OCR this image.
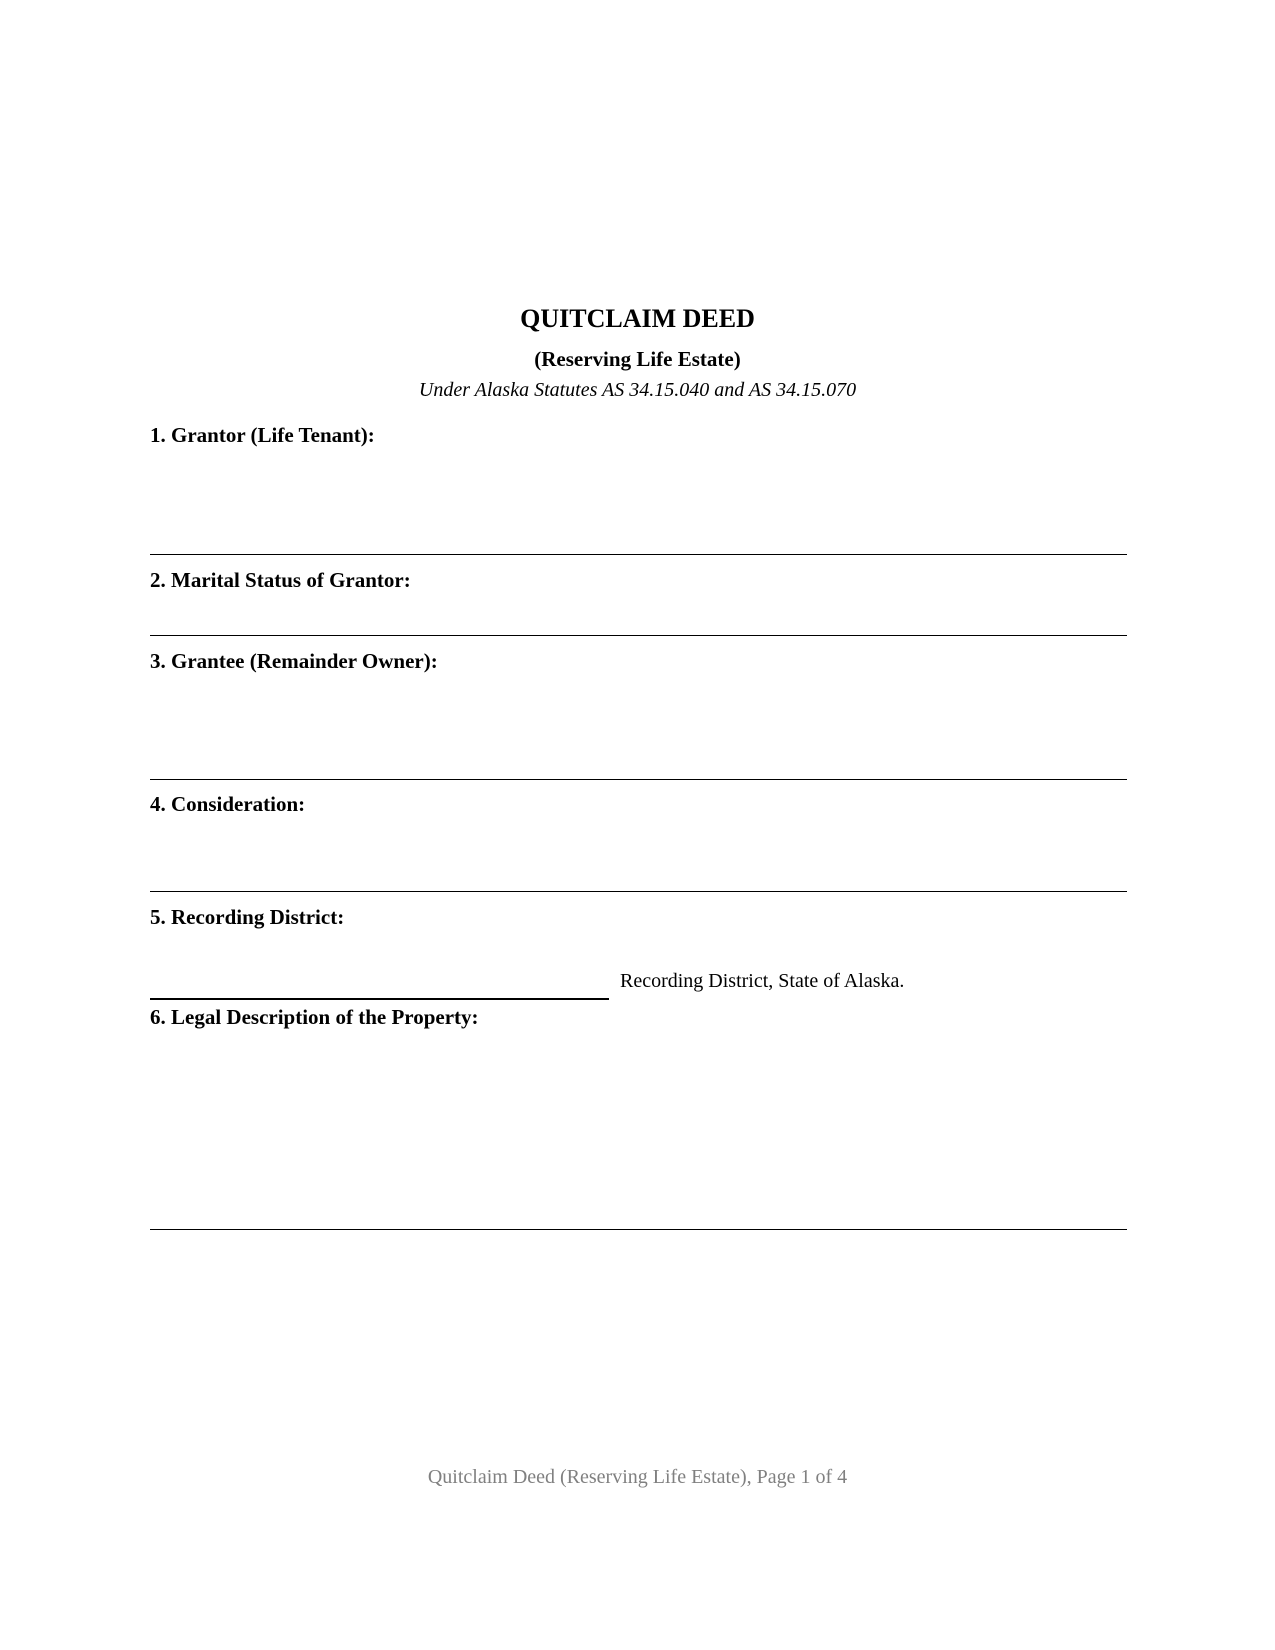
QUITCLAIM DEED
(Reserving Life Estate)
Under Alaska Statutes AS 34.15.040 and AS 34.15.070
1. Grantor (Life Tenant):
2. Marital Status of Grantor:
3. Grantee (Remainder Owner):
4. Consideration:
5. Recording District:
Recording District, State of Alaska.
6. Legal Description of the Property:
Quitclaim Deed (Reserving Life Estate), Page 1 of 4
